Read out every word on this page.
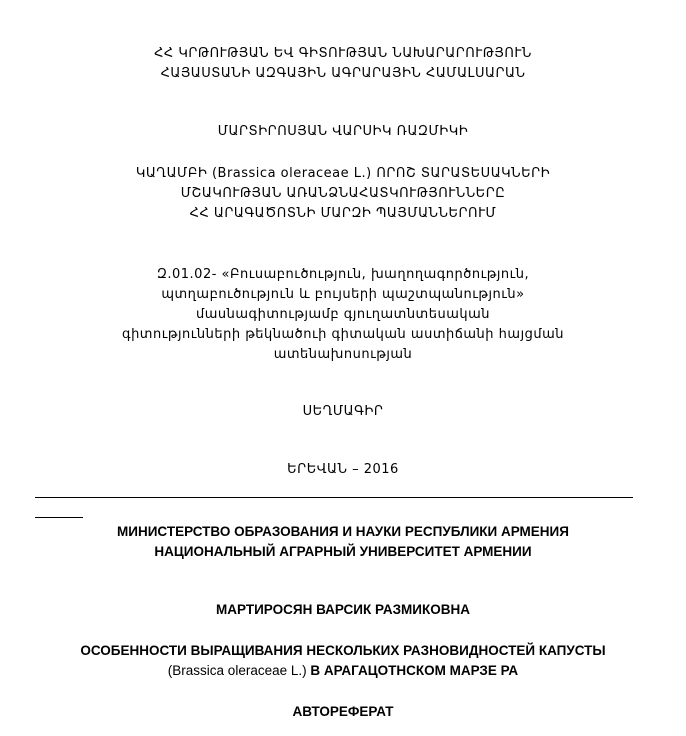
ՀՀ ԿՐԹՈՒԹՅԱՆ ԵՎ ԳԻՏՈՒԹՅԱՆ ՆԱԽԱՐԱՐՈՒԹՅՈՒՆ
ՀԱՅԱՍՏԱՆԻ ԱԶԳԱՅԻՆ ԱԳՐԱՐԱՅԻՆ ՀԱՄԱԼՍԱՐԱՆ
ՄԱՐՏԻՐՈՍՅԱՆ ՎԱՐՍԻԿ ՌԱԶՄԻԿԻ
ԿԱՂԱՄԲԻ (Brassica oleraceae L.) ՈՐՈՇ ՏԱՐԱՏԵՍԱԿՆԵՐԻ
ՄՇԱԿՈՒԹՅԱՆ ԱՌԱՆՁՆԱՀԱՏԿՈՒԹՅՈՒՆՆԵՐԸ
ՀՀ ԱՐԱԳԱԾՈՏՆԻ ՄԱՐԶԻ ՊԱՅՄԱՆՆԵՐՈՒՄ
Զ.01.02- «Բուսաբուծություն, խաղողագործություն,
պտղաբուծություն և բույսերի պաշտպանություն»
մասնագիտությամբ գյուղատնտեսական
գիտությունների թեկնածուի գիտական աստիճանի հայցման
ատենախոսության
ՍԵՂՄԱԳԻՐ
ԵՐԵՎԱՆ – 2016
МИНИСТЕРСТВО ОБРАЗОВАНИЯ И НАУКИ РЕСПУБЛИКИ АРМЕНИЯ
НАЦИОНАЛЬНЫЙ АГРАРНЫЙ УНИВЕРСИТЕТ АРМЕНИИ
МАРТИРОСЯН ВАРСИК РАЗМИКОВНА
ОСОБЕННОСТИ ВЫРАЩИВАНИЯ НЕСКОЛЬКИХ РАЗНОВИДНОСТЕЙ КАПУСТЫ
(Brassica oleraceae L.) В АРАГАЦОТНСКОМ МАРЗЕ РА
АВТОРЕФЕРАТ
